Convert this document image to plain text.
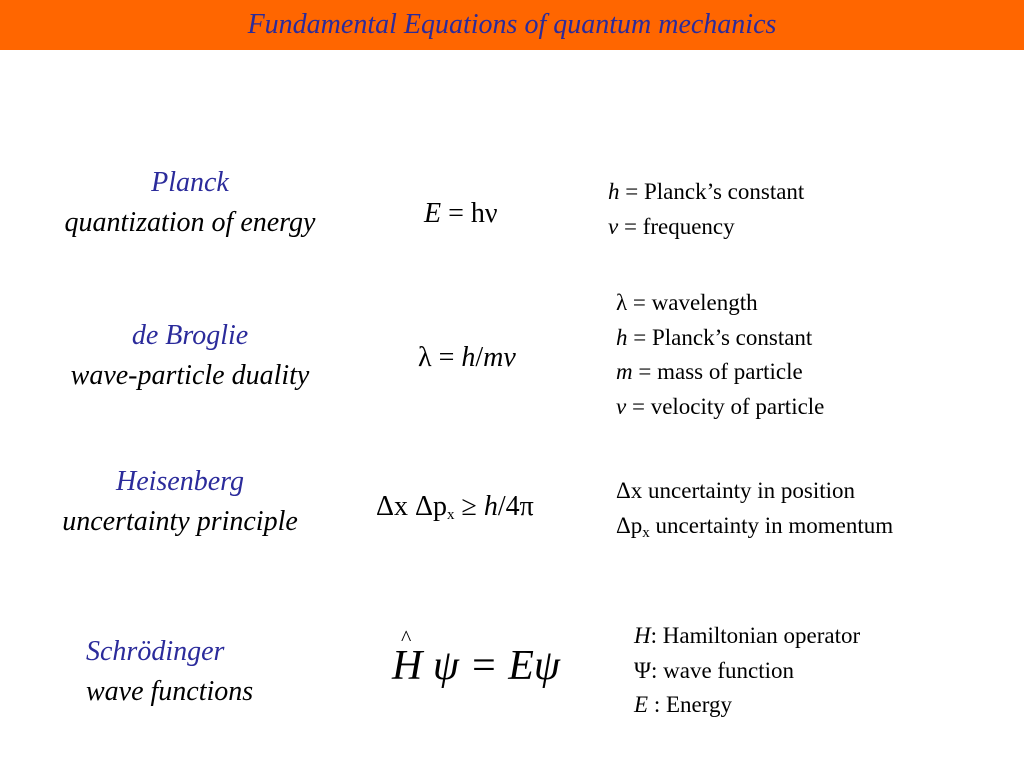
Fundamental Equations of quantum mechanics
Planck
quantization of energy	E = hν
h = Planck’s constant
ν = frequency
de Broglie
wave-particle duality
λ = h/mv
λ = wavelength
h = Planck’s constant
m = mass of particle
v = velocity of particle
Heisenberg
uncertainty principle	Δx $\Delta p_x \ge h/4\pi$
Δx uncertainty in position
$\Delta p_x$ uncertainty in momentum
Schrödinger
wave functions
^
H ψ = Eψ
H: Hamiltonian operator
Ψ: wave function
E : Energy
